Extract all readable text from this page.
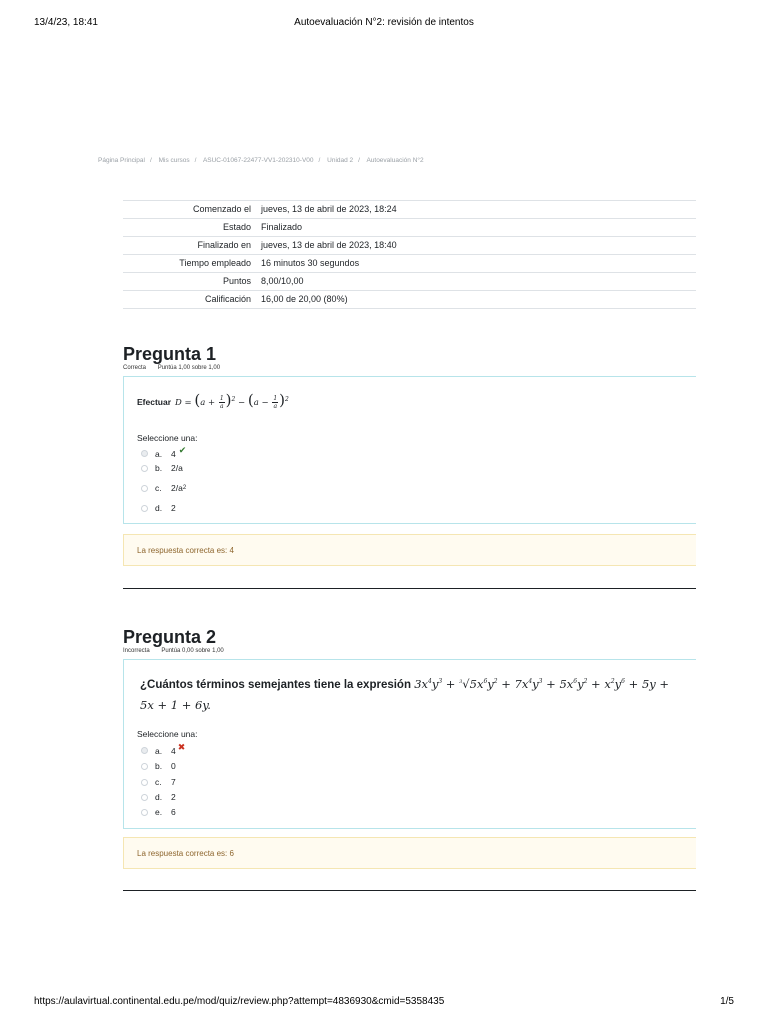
13/4/23, 18:41	Autoevaluación N°2: revisión de intentos
Página Principal / Mis cursos / ASUC-01067-22477-VV1-202310-V00 / Unidad 2 / Autoevaluación N°2
Comenzado el	jueves, 13 de abril de 2023, 18:24
Estado	Finalizado
Finalizado en	jueves, 13 de abril de 2023, 18:40
Tiempo empleado	16 minutos 30 segundos
Puntos	8,00/10,00
Calificación	16,00 de 20,00 (80%)
Pregunta 1
Correcta Puntúa 1,00 sobre 1,00
Efectuar $D = (a + \frac{1}{a} )^2 - (a - \frac{1}{a} )^2$
Seleccione una:
a.	4 ✔
b.	2/a
c.	2/a 2
d.	2
La respuesta correcta es: 4
Pregunta 2
Incorrecta Puntúa 0,00 sobre 1,00
¿Cuántos términos semejantes tiene la expresión $3x^4y^3 + ^3√5x^6y^2 + 7x^4y^3 + 5x^6y^2 + x^2y^6 + 5y + 5x + 1 + 6y$.
Seleccione una:
a.	4 ✖
b.	0
c.	7
d.	2
e.	6
La respuesta correcta es: 6
https://aulavirtual.continental.edu.pe/mod/quiz/review.php?attempt=4836930&cmid=5358435	1/5
